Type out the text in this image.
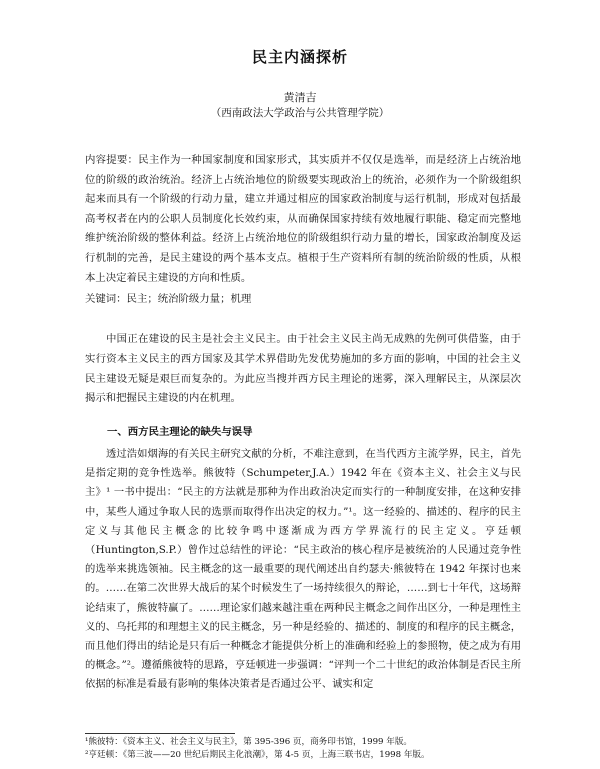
民主内涵探析
黄清吉
（西南政法大学政治与公共管理学院）
内容提要：民主作为一种国家制度和国家形式，其实质并不仅仅是选举，而是经济上占统治地位的阶级的政治统治。经济上占统治地位的阶级要实现政治上的统治，必须作为一个阶级组织起来而具有一个阶级的行动力量，建立并通过相应的国家政治制度与运行机制，形成对包括最高考权者在内的公职人员制度化长效约束，从而确保国家持续有效地履行职能、稳定而完整地维护统治阶级的整体利益。经济上占统治地位的阶级组织行动力量的增长，国家政治制度及运行机制的完善，是民主建设的两个基本支点。植根于生产资料所有制的统治阶级的性质，从根本上决定着民主建设的方向和性质。
关键词：民主；统治阶级力量；机理
中国正在建设的民主是社会主义民主。由于社会主义民主尚无成熟的先例可供借鉴，由于实行资本主义民主的西方国家及其学术界借助先发优势施加的多方面的影响，中国的社会主义民主建设无疑是艰巨而复杂的。为此应当搜并西方民主理论的迷雾，深入理解民主，从深层次揭示和把握民主建设的内在机理。
一、西方民主理论的缺失与误导
透过浩如烟海的有关民主研究文献的分析，不难注意到，在当代西方主流学界，民主，首先是指定期的竞争性选举。熊彼特（Schumpeter,J.A.）1942 年在《资本主义、社会主义与民主》¹ 一书中提出：“民主的方法就是那种为作出政治决定而实行的一种制度安排，在这种安排中，某些人通过争取人民的选票而取得作出决定的权力。”¹。这一经验的、描述的、程序的民主定义与其他民主概念的比较争鸣中逐渐成为西方学界流行的民主定义。亨廷顿（Huntington,S.P.）曾作过总结性的评论：“民主政治的核心程序是被统治的人民通过竞争性的选举来挑选领袖。民主概念的这一最重要的现代阐述出自约瑟夫·熊彼特在 1942 年探讨也来的。……在第二次世界大战后的某个时候发生了一场持续很久的辩论，……到七十年代，这场辩论结束了，熊彼特赢了。……理论家们越来越注重在两种民主概念之间作出区分，一种是理性主义的、乌托邦的和理想主义的民主概念，另一种是经验的、描述的、制度的和程序的民主概念，而且他们得出的结论是只有后一种概念才能提供分析上的准确和经验上的参照物，使之成为有用的概念。”²。遵循熊彼特的思路，亨廷顿进一步强调：“评判一个二十世纪的政治体制是否民主所依据的标准是看最有影响的集体决策者是否通过公平、诚实和定
¹熊彼特：《资本主义、社会主义与民主》，第 395-396 页，商务印书馆，1999 年版。
²亨廷顿：《第三波——20 世纪后期民主化浪潮》，第 4-5 页，上海三联书店，1998 年版。
